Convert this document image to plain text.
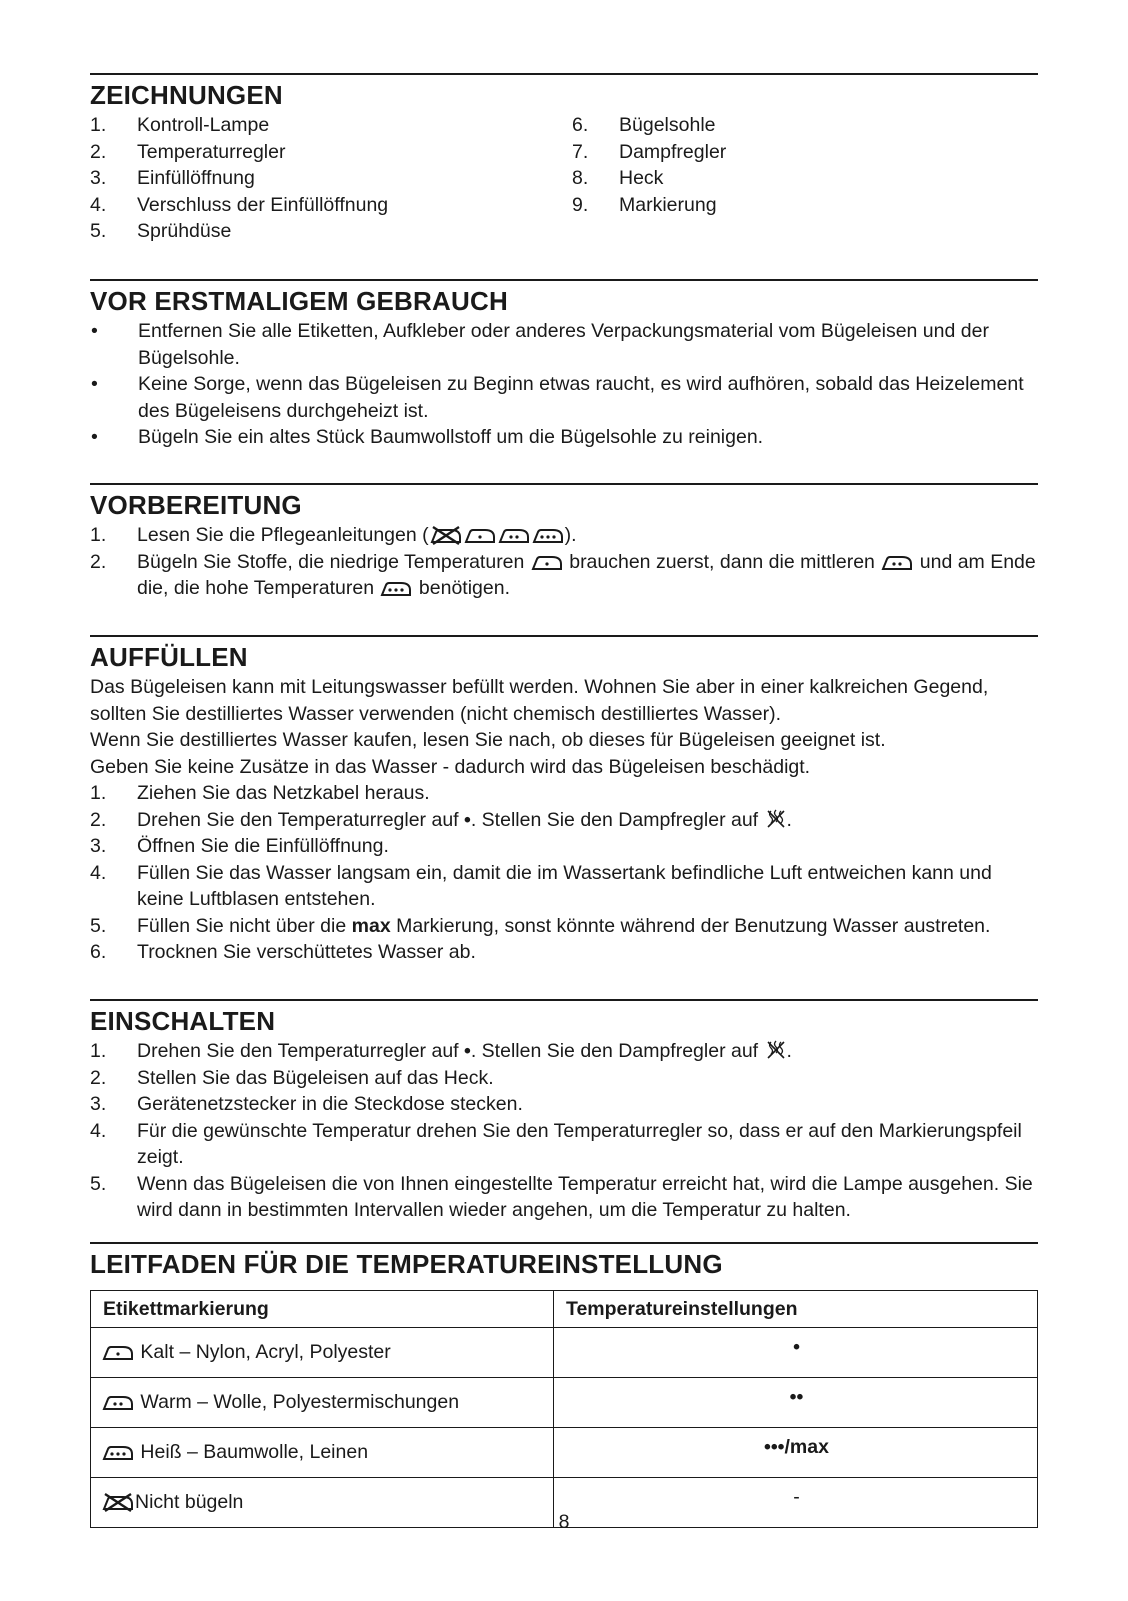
ZEICHNUNGEN
1.	Kontroll-Lampe
2.	Temperaturregler
3.	Einfüllöffnung
4.	Verschluss der Einfüllöffnung
5.	Sprühdüse
6.	Bügelsohle
7.	Dampfregler
8.	Heck
9.	Markierung
VOR ERSTMALIGEM GEBRAUCH
•	Entfernen Sie alle Etiketten, Aufkleber oder anderes Verpackungsmaterial vom Bügeleisen und der Bügelsohle.
•	Keine Sorge, wenn das Bügeleisen zu Beginn etwas raucht, es wird aufhören, sobald das Heizelement des Bügeleisens durchgeheizt ist.
•	Bügeln Sie ein altes Stück Baumwollstoff um die Bügelsohle zu reinigen.
VORBEREITUNG
1.	Lesen Sie die Pflegeanleitungen (	).
2.	Bügeln Sie Stoffe, die niedrige Temperaturen brauchen zuerst, dann die mittleren und am Ende die, die hohe Temperaturen benötigen.
AUFFÜLLEN

Das Bügeleisen kann mit Leitungswasser befüllt werden. Wohnen Sie aber in einer kalkreichen Gegend, sollten Sie destilliertes Wasser verwenden (nicht chemisch destilliertes Wasser).

Wenn Sie destilliertes Wasser kaufen, lesen Sie nach, ob dieses für Bügeleisen geeignet ist.

Geben Sie keine Zusätze in das Wasser - dadurch wird das Bügeleisen beschädigt.

1.	Ziehen Sie das Netzkabel heraus.
2.	Drehen Sie den Temperaturregler auf •. Stellen Sie den Dampfregler auf .
3.	Öffnen Sie die Einfüllöffnung.
4.	Füllen Sie das Wasser langsam ein, damit die im Wassertank befindliche Luft entweichen kann und keine Luftblasen entstehen.
5.	Füllen Sie nicht über die max Markierung, sonst könnte während der Benutzung Wasser austreten.
6.	Trocknen Sie verschüttetes Wasser ab.
EINSCHALTEN
1.	Drehen Sie den Temperaturregler auf •. Stellen Sie den Dampfregler auf .
2.	Stellen Sie das Bügeleisen auf das Heck.
3.	Gerätenetzstecker in die Steckdose stecken.
4.	Für die gewünschte Temperatur drehen Sie den Temperaturregler so, dass er auf den Markierungspfeil zeigt.
5.	Wenn das Bügeleisen die von Ihnen eingestellte Temperatur erreicht hat, wird die Lampe ausgehen. Sie wird dann in bestimmten Intervallen wieder angehen, um die Temperatur zu halten.
LEITFADEN FÜR DIE TEMPERATUREINSTELLUNG
Etikettmarkierung	Temperatureinstellungen
Kalt – Nylon, Acryl, Polyester	•
Warm – Wolle, Polyestermischungen	••
Heiß – Baumwolle, Leinen	•••/max
Nicht bügeln	-
8
